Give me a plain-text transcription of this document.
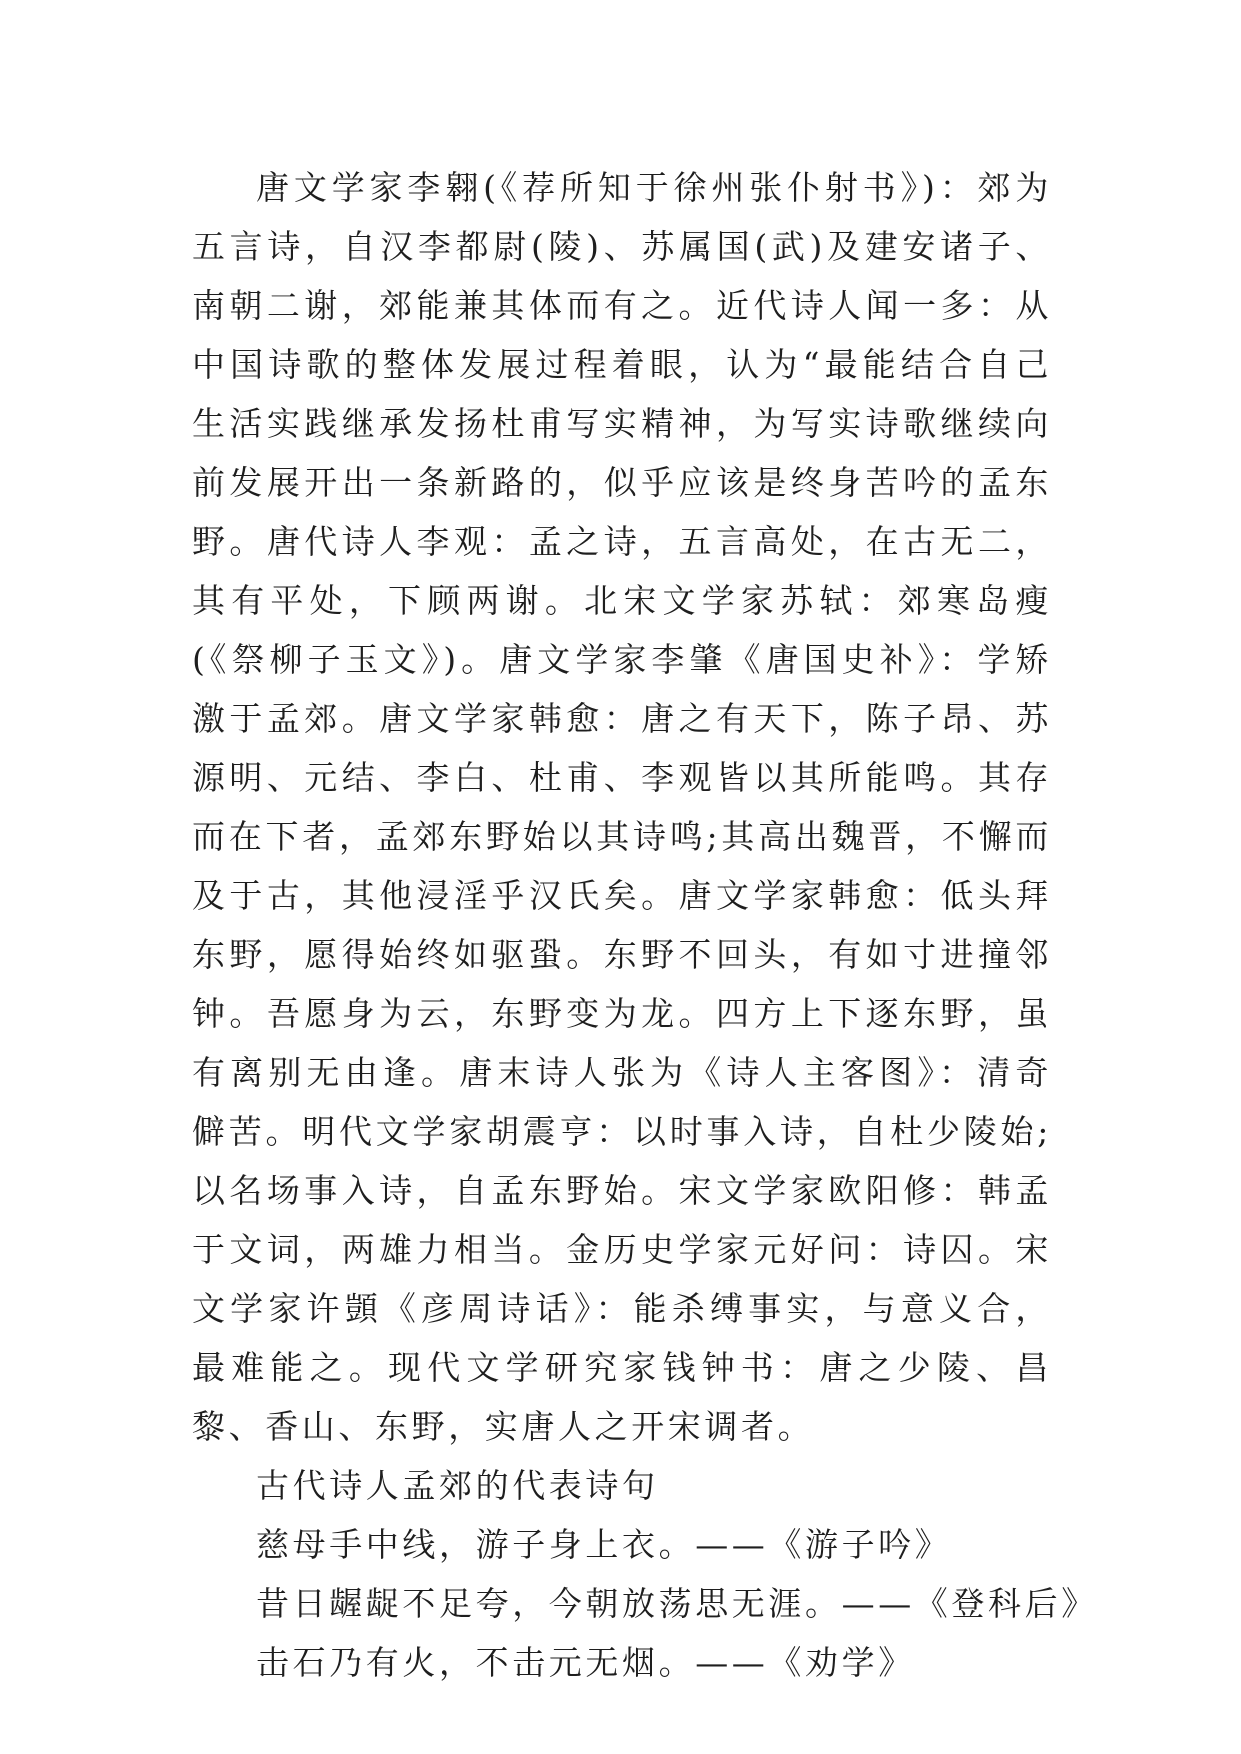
唐文学家李翱(《荐所知于徐州张仆射书》)：郊为五言诗，自汉李都尉(陵)、苏属国(武)及建安诸子、南朝二谢，郊能兼其体而有之。近代诗人闻一多：从中国诗歌的整体发展过程着眼，认为“最能结合自己生活实践继承发扬杜甫写实精神，为写实诗歌继续向前发展开出一条新路的，似乎应该是终身苦吟的孟东野。唐代诗人李观：孟之诗，五言高处，在古无二，其有平处，下顾两谢。北宋文学家苏轼：郊寒岛瘦(《祭柳子玉文》)。唐文学家李肇《唐国史补》：学矫激于孟郊。唐文学家韩愈：唐之有天下，陈子昂、苏源明、元结、李白、杜甫、李观皆以其所能鸣。其存而在下者，孟郊东野始以其诗鸣;其高出魏晋，不懈而及于古，其他浸淫乎汉氏矣。唐文学家韩愈：低头拜东野，愿得始终如驱蛩。东野不回头，有如寸进撞邻钟。吾愿身为云，东野变为龙。四方上下逐东野，虽有离别无由逢。唐末诗人张为《诗人主客图》：清奇僻苦。明代文学家胡震亨：以时事入诗，自杜少陵始;以名场事入诗，自孟东野始。宋文学家欧阳修：韩孟于文词，两雄力相当。金历史学家元好问：诗囚。宋文学家许顗《彦周诗话》：能杀缚事实，与意义合，最难能之。现代文学研究家钱钟书：唐之少陵、昌黎、香山、东野，实唐人之开宋调者。

古代诗人孟郊的代表诗句

慈母手中线，游子身上衣。——《游子吟》

昔日龌龊不足夸，今朝放荡思无涯。——《登科后》

击石乃有火，不击元无烟。——《劝学》
